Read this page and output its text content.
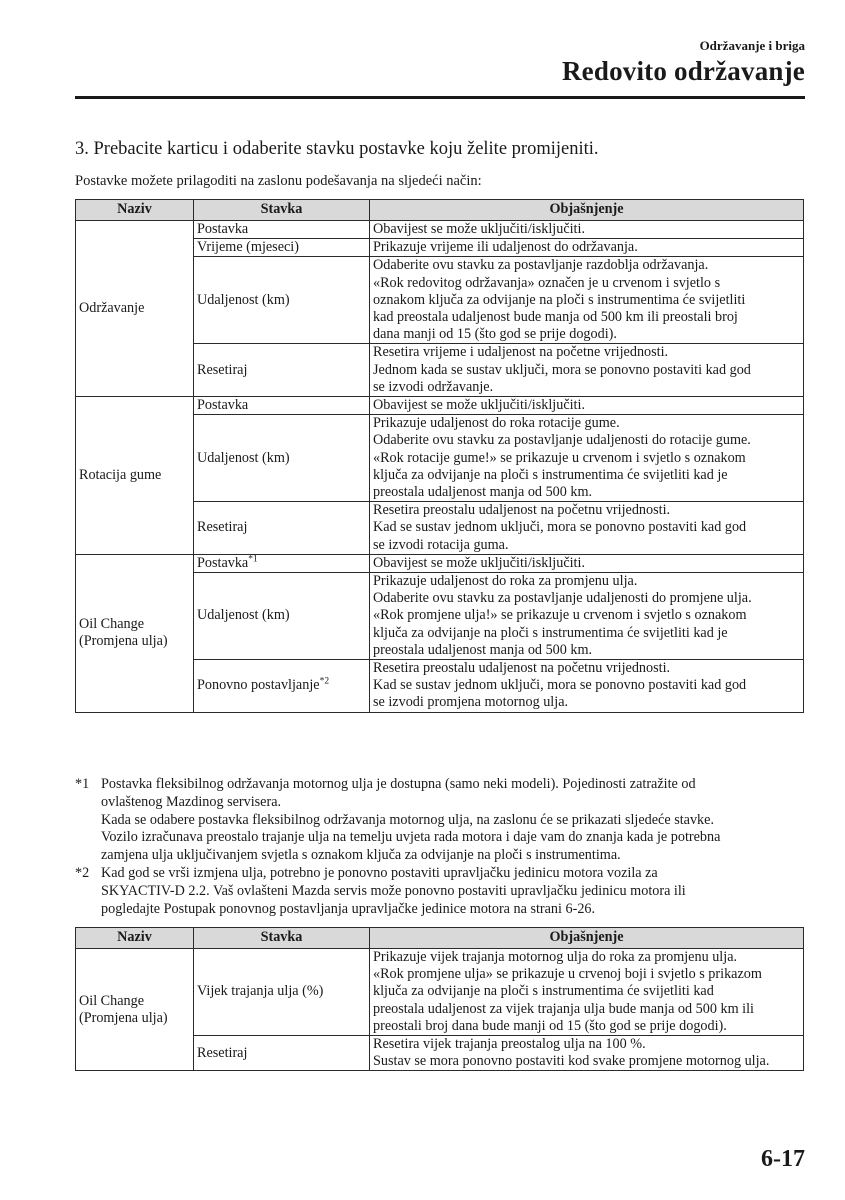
Održavanje i briga
Redovito održavanje
3. Prebacite karticu i odaberite stavku postavke koju želite promijeniti.
Postavke možete prilagoditi na zaslonu podešavanja na sljedeći način:
Naziv	Stavka	Objašnjenje
Održavanje	Postavka	Obavijest se može uključiti/isključiti.

	Vrijeme (mjeseci)	Prikazuje vrijeme ili udaljenost do održavanja.

	Udaljenost (km)	Odaberite ovu stavku za postavljanje razdoblja održavanja.
«Rok redovitog održavanja» označen je u crvenom i svjetlo s
oznakom ključa za odvijanje na ploči s instrumentima će svijetliti
kad preostala udaljenost bude manja od 500 km ili preostali broj
dana manji od 15 (što god se prije dogodi).

	Resetiraj	Resetira vrijeme i udaljenost na početne vrijednosti.
Jednom kada se sustav uključi, mora se ponovno postaviti kad god
se izvodi održavanje.

Rotacija gume	Postavka	Obavijest se može uključiti/isključiti.

	Udaljenost (km)	Prikazuje udaljenost do roka rotacije gume.
Odaberite ovu stavku za postavljanje udaljenosti do rotacije gume.
«Rok rotacije gume!» se prikazuje u crvenom i svjetlo s oznakom
ključa za odvijanje na ploči s instrumentima će svijetliti kad je
preostala udaljenost manja od 500 km.

	Resetiraj	Resetira preostalu udaljenost na početnu vrijednosti.
Kad se sustav jednom uključi, mora se ponovno postaviti kad god
se izvodi rotacija guma.

Oil Change
(Promjena ulja)	Postavka$^{*1}$	Obavijest se može uključiti/isključiti.

	Udaljenost (km)	Prikazuje udaljenost do roka za promjenu ulja.
Odaberite ovu stavku za postavljanje udaljenosti do promjene ulja.
«Rok promjene ulja!» se prikazuje u crvenom i svjetlo s oznakom
ključa za odvijanje na ploči s instrumentima će svijetliti kad je
preostala udaljenost manja od 500 km.

	Ponovno postavljanje$^{*2}$	Resetira preostalu udaljenost na početnu vrijednosti.
Kad se sustav jednom uključi, mora se ponovno postaviti kad god
se izvodi promjena motornog ulja.
*1 Postavka fleksibilnog održavanja motornog ulja je dostupna (samo neki modeli). Pojedinosti zatražite od
ovlaštenog Mazdinog servisera.
Kada se odabere postavka fleksibilnog održavanja motornog ulja, na zaslonu će se prikazati sljedeće stavke.
Vozilo izračunava preostalo trajanje ulja na temelju uvjeta rada motora i daje vam do znanja kada je potrebna
zamjena ulja uključivanjem svjetla s oznakom ključa za odvijanje na ploči s instrumentima.
*2 Kad god se vrši izmjena ulja, potrebno je ponovno postaviti upravljačku jedinicu motora vozila za
SKYACTIV-D 2.2. Vaš ovlašteni Mazda servis može ponovno postaviti upravljačku jedinicu motora ili
pogledajte Postupak ponovnog postavljanja upravljačke jedinice motora na strani 6-26.
Naziv	Stavka	Objašnjenje

Oil Change
(Promjena ulja)	Vijek trajanja ulja (%)	Prikazuje vijek trajanja motornog ulja do roka za promjenu ulja.
«Rok promjene ulja» se prikazuje u crvenoj boji i svjetlo s prikazom
ključa za odvijanje na ploči s instrumentima će svijetliti kad
preostala udaljenost za vijek trajanja ulja bude manja od 500 km ili
preostali broj dana bude manji od 15 (što god se prije dogodi).

	Resetiraj	Resetira vijek trajanja preostalog ulja na 100 %.
Sustav se mora ponovno postaviti kod svake promjene motornog ulja.
6-17
